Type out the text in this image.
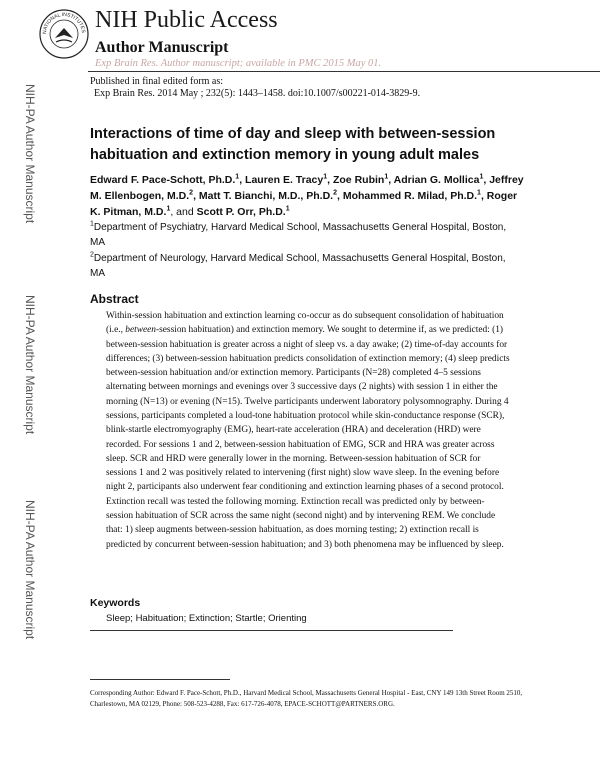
NATIONAL INSTITUTES NIH Public Access
Author Manuscript
Exp Brain Res. Author manuscript; available in PMC 2015 May 01.
Published in final edited form as:
Exp Brain Res. 2014 May ; 232(5): 1443–1458. doi:10.1007/s00221-014-3829-9.
NIH-PA Author Manuscript
NIH-PA Author Manuscript
NIH-PA Author Manuscript
Interactions of time of day and sleep with between-session habituation and extinction memory in young adult males
Edward F. Pace-Schott, Ph.D.$^1$, Lauren E. Tracy$^1$, Zoe Rubin$^1$, Adrian G. Mollica$^1$, Jeffrey M. Ellenbogen, M.D.$^2$, Matt T. Bianchi, M.D., Ph.D.$^2$, Mohammed R. Milad, Ph.D.$^1$, Roger K. Pitman, M.D.$^1$, and Scott P. Orr, Ph.D.$^1$
$^1$Department of Psychiatry, Harvard Medical School, Massachusetts General Hospital, Boston, MA
$^2$Department of Neurology, Harvard Medical School, Massachusetts General Hospital, Boston, MA
Abstract
Within-session habituation and extinction learning co-occur as do subsequent consolidation of habituation (i.e., between-session habituation) and extinction memory. We sought to determine if, as we predicted: (1) between-session habituation is greater across a night of sleep vs. a day awake; (2) time-of-day accounts for differences; (3) between-session habituation predicts consolidation of extinction memory; (4) sleep predicts between-session habituation and/or extinction memory. Participants (N=28) completed 4–5 sessions alternating between mornings and evenings over 3 successive days (2 nights) with session 1 in either the morning (N=13) or evening (N=15). Twelve participants underwent laboratory polysomnography. During 4 sessions, participants completed a loud-tone habituation protocol while skin-conductance response (SCR), blink-startle electromyography (EMG), heart-rate acceleration (HRA) and deceleration (HRD) were recorded. For sessions 1 and 2, between-session habituation of EMG, SCR and HRA was greater across sleep. SCR and HRD were generally lower in the morning. Between-session habituation of SCR for sessions 1 and 2 was positively related to intervening (first night) slow wave sleep. In the evening before night 2, participants also underwent fear conditioning and extinction learning phases of a second protocol. Extinction recall was tested the following morning. Extinction recall was predicted only by between-session habituation of SCR across the same night (second night) and by intervening REM. We conclude that: 1) sleep augments between-session habituation, as does morning testing; 2) extinction recall is predicted by concurrent between-session habituation; and 3) both phenomena may be influenced by sleep.
Keywords
Sleep; Habituation; Extinction; Startle; Orienting
Corresponding Author: Edward F. Pace-Schott, Ph.D., Harvard Medical School, Massachusetts General Hospital - East, CNY 149 13th Street Room 2510, Charlestown, MA 02129, Phone: 508-523-4288, Fax: 617-726-4078, EPACE-SCHOTT@PARTNERS.ORG.
